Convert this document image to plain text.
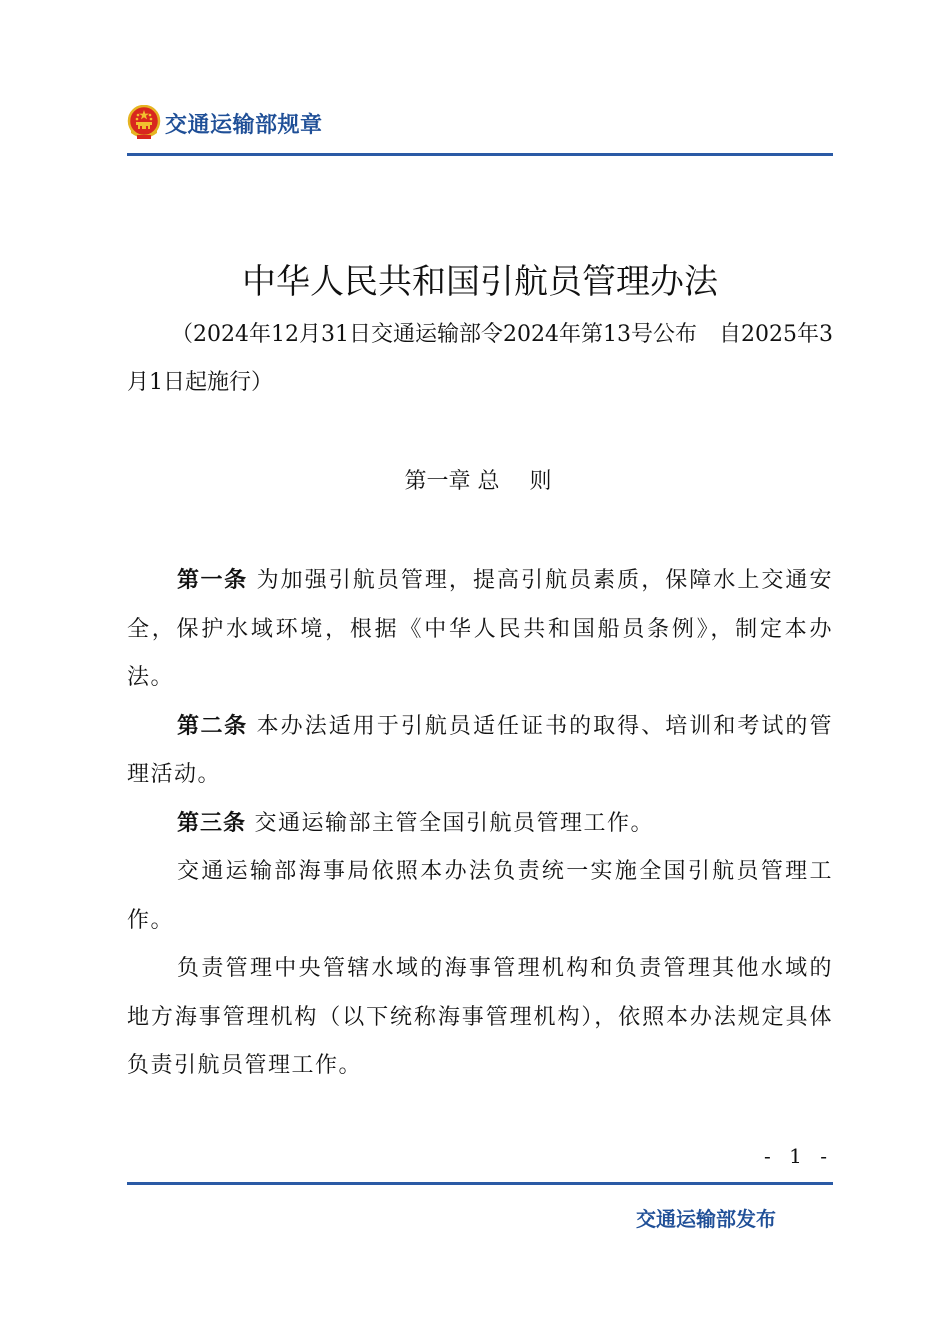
交通运输部规章
中华人民共和国引航员管理办法

（2024年12月31日交通运输部令2024年第13号公布　自2025年3月1日起施行）

第一章 总　则

第一条 为加强引航员管理，提高引航员素质，保障水上交通安全，保护水域环境，根据《中华人民共和国船员条例》，制定本办法。

第二条 本办法适用于引航员适任证书的取得、培训和考试的管理活动。

第三条 交通运输部主管全国引航员管理工作。

交通运输部海事局依照本办法负责统一实施全国引航员管理工作。

负责管理中央管辖水域的海事管理机构和负责管理其他水域的地方海事管理机构（以下统称海事管理机构），依照本办法规定具体负责引航员管理工作。

- 1 -
交通运输部发布
